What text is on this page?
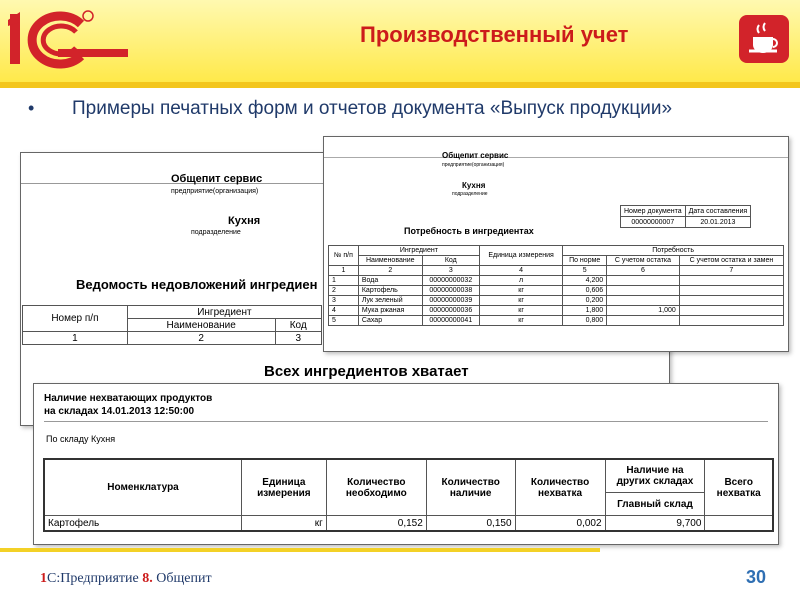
Производственный учет
• Примеры печатных форм и отчетов документа «Выпуск продукции»
Общепит сервис
предприятие(организация)
Кухня
подразделение
Ведомость недовложений ингредиен
Номер п/п	Ингредиент	
	Наименование	Код
1	2	3
Всех ингредиентов хватает
Общепит сервис
предприятие(организация)
Кухня
подразделение
Номер документа	Дата составления
00000000007	20.01.2013
Потребность в ингредиентах
№ п/п	Ингредиент		Единица измерения	Потребность		
	Наименование	Код		По норме	С учетом остатка	С учетом остатка и замен
1	2	3	4	5	6	7
1	Вода	00000000032	л	4,200		
2	Картофель	00000000038	кг	0,606		
3	Лук зеленый	00000000039	кг	0,200		
4	Мука ржаная	00000000036	кг	1,800	1,000	
5	Сахар	00000000041	кг	0,800		
Наличие нехватающих продуктов
на складах 14.01.2013 12:50:00
По складу Кухня
Номенклатура	Единица измерения	Количество необходимо	Количество наличие	Количество нехватка	Наличие на других складах	Всего нехватка
					Главный склад	
Картофель	кг	0,152	0,150	0,002	9,700	
1С:Предприятие 8. Общепит	30
